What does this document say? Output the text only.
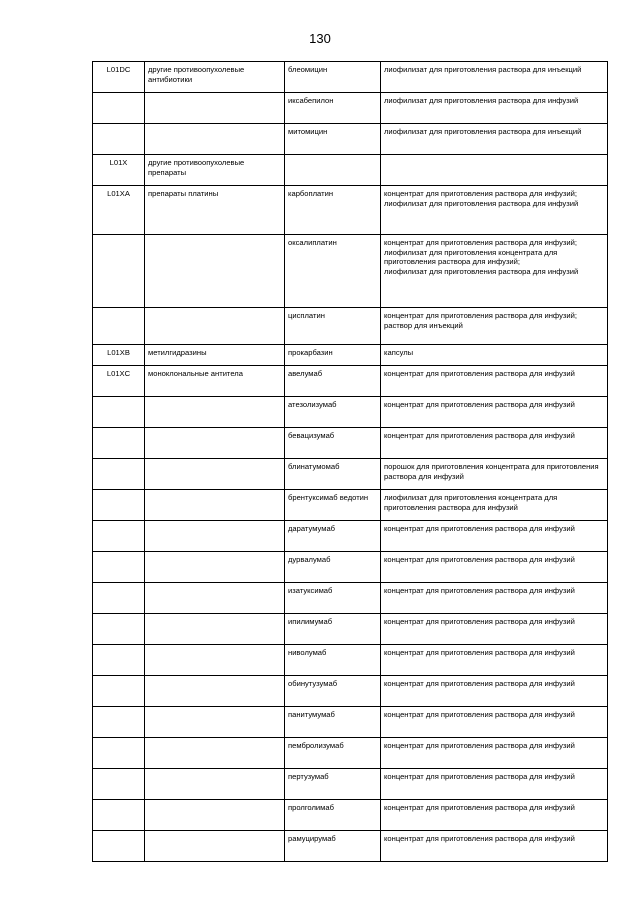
130
L01DC	другие противоопухолевые антибиотики	блеомицин	лиофилизат для приготовления раствора для инъекций
		иксабепилон	лиофилизат для приготовления раствора для инфузий
		митомицин	лиофилизат для приготовления раствора для инъекций
L01X	другие противоопухолевые препараты		
L01XA	препараты платины	карбоплатин	концентрат для приготовления раствора для инфузий;
лиофилизат для приготовления раствора для инфузий
		оксалиплатин	концентрат для приготовления раствора для инфузий;
лиофилизат для приготовления концентрата для приготовления раствора для инфузий;
лиофилизат для приготовления раствора для инфузий
		цисплатин	концентрат для приготовления раствора для инфузий;
раствор для инъекций
L01XB	метилгидразины	прокарбазин	капсулы
L01XC	моноклональные антитела	авелумаб	концентрат для приготовления раствора для инфузий
		атезолизумаб	концентрат для приготовления раствора для инфузий
		бевацизумаб	концентрат для приготовления раствора для инфузий
		блинатумомаб	порошок для приготовления концентрата для приготовления раствора для инфузий
		брентуксимаб ведотин	лиофилизат для приготовления концентрата для приготовления раствора для инфузий
		даратумумаб	концентрат для приготовления раствора для инфузий
		дурвалумаб	концентрат для приготовления раствора для инфузий
		изатуксимаб	концентрат для приготовления раствора для инфузий
		ипилимумаб	концентрат для приготовления раствора для инфузий
		ниволумаб	концентрат для приготовления раствора для инфузий
		обинутузумаб	концентрат для приготовления раствора для инфузий
		панитумумаб	концентрат для приготовления раствора для инфузий
		пембролизумаб	концентрат для приготовления раствора для инфузий
		пертузумаб	концентрат для приготовления раствора для инфузий
		пролголимаб	концентрат для приготовления раствора для инфузий
		рамуцирумаб	концентрат для приготовления раствора для инфузий
